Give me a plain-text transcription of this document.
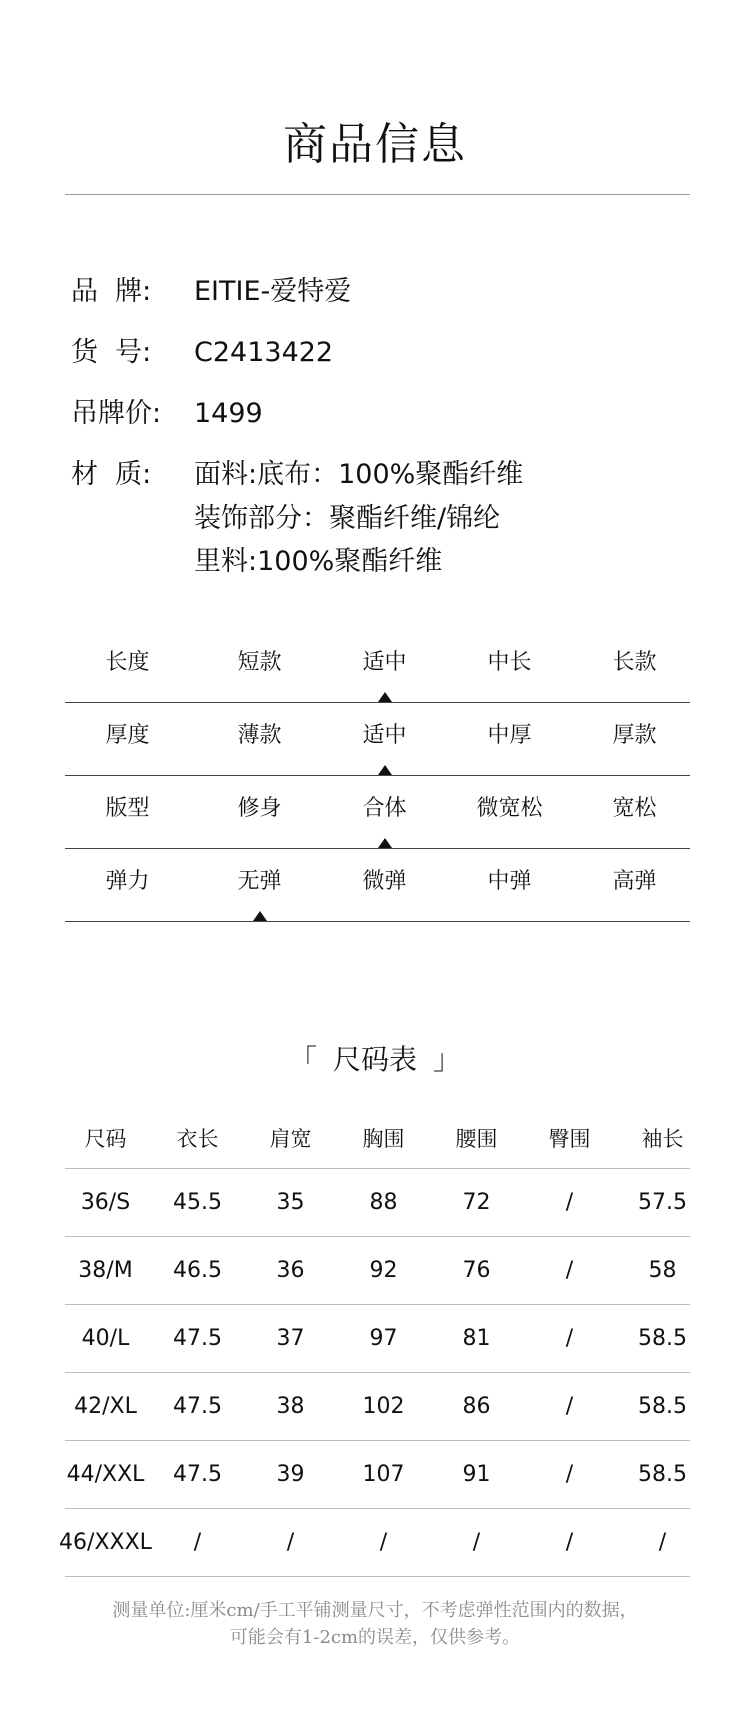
商品信息
品  牌: EITIE-爱特爱
货  号: C2413422
吊牌价: 1499
材  质: 面料:底布：100%聚酯纤维
装饰部分：聚酯纤维/锦纶
里料:100%聚酯纤维
长度	短款	适中	中长	长款
厚度	薄款	适中	中厚	厚款
版型	修身	合体	微宽松	宽松
弹力	无弹	微弹	中弹	高弹
「 尺码表 」
尺码	衣长	肩宽	胸围	腰围	臀围	袖长
36/S	45.5	35	88	72	/	57.5
38/M	46.5	36	92	76	/	58
40/L	47.5	37	97	81	/	58.5
42/XL	47.5	38	102	86	/	58.5
44/XXL	47.5	39	107	91	/	58.5
46/XXXL	/	/	/	/	/	/
测量单位:厘米cm/手工平铺测量尺寸，不考虑弹性范围内的数据，
可能会有1-2cm的误差，仅供参考。
